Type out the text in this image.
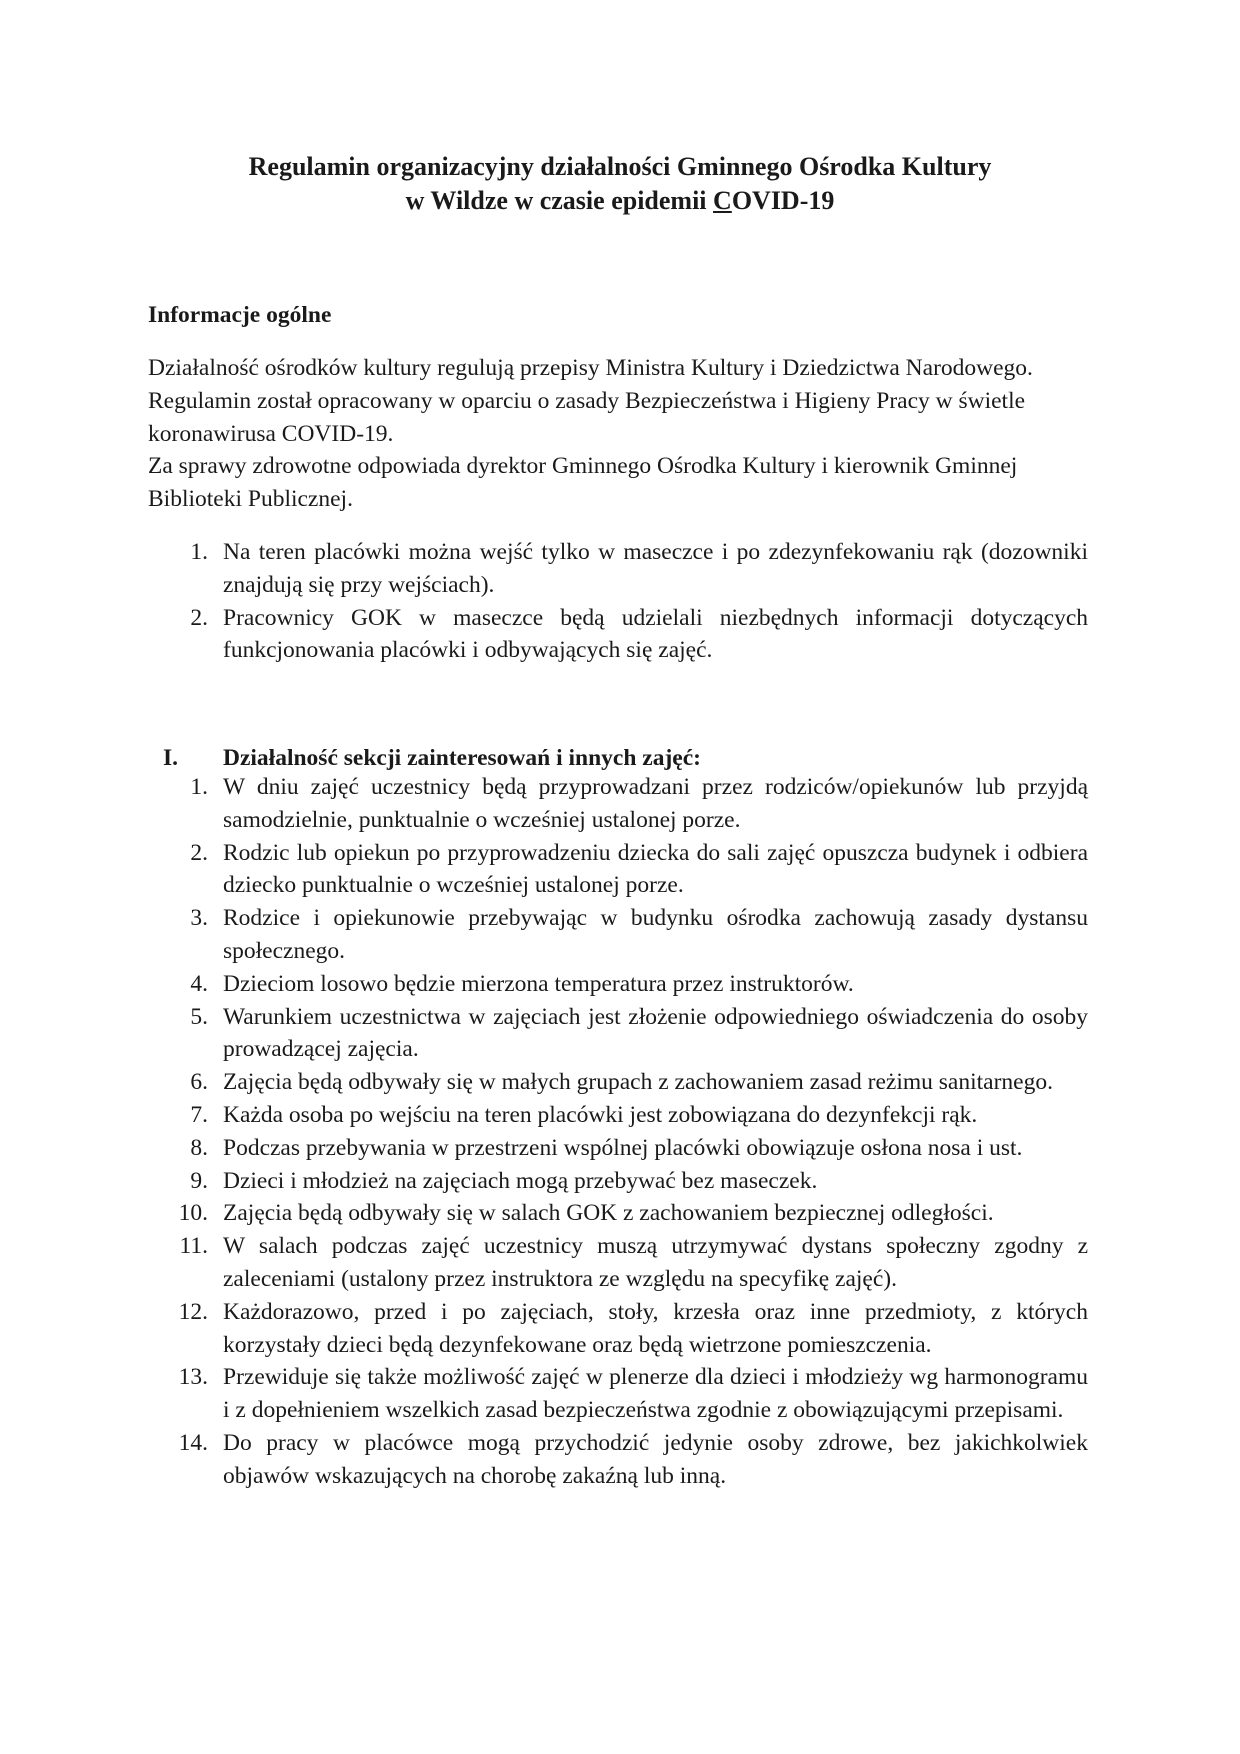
Regulamin organizacyjny działalności Gminnego Ośrodka Kultury
w Wildze w czasie epidemii COVID-19
Informacje ogólne

Działalność ośrodków kultury regulują przepisy Ministra Kultury i Dziedzictwa Narodowego.

Regulamin został opracowany w oparciu o zasady Bezpieczeństwa i Higieny Pracy w świetle

koronawirusa COVID-19.

Za sprawy zdrowotne odpowiada dyrektor Gminnego Ośrodka Kultury i kierownik Gminnej

Biblioteki Publicznej.

1. Na teren placówki można wejść tylko w maseczce i po zdezynfekowaniu rąk (dozowniki znajdują się przy wejściach).
2. Pracownicy GOK w maseczce będą udzielali niezbędnych informacji dotyczących funkcjonowania placówki i odbywających się zajęć.
I. Działalność sekcji zainteresowań i innych zajęć:
1. W dniu zajęć uczestnicy będą przyprowadzani przez rodziców/opiekunów lub przyjdą samodzielnie, punktualnie o wcześniej ustalonej porze.
2. Rodzic lub opiekun po przyprowadzeniu dziecka do sali zajęć opuszcza budynek i odbiera dziecko punktualnie o wcześniej ustalonej porze.
3. Rodzice i opiekunowie przebywając w budynku ośrodka zachowują zasady dystansu społecznego.
4. Dzieciom losowo będzie mierzona temperatura przez instruktorów.
5. Warunkiem uczestnictwa w zajęciach jest złożenie odpowiedniego oświadczenia do osoby prowadzącej zajęcia.
6. Zajęcia będą odbywały się w małych grupach z zachowaniem zasad reżimu sanitarnego.
7. Każda osoba po wejściu na teren placówki jest zobowiązana do dezynfekcji rąk.
8. Podczas przebywania w przestrzeni wspólnej placówki obowiązuje osłona nosa i ust.
9. Dzieci i młodzież na zajęciach mogą przebywać bez maseczek.
10. Zajęcia będą odbywały się w salach GOK z zachowaniem bezpiecznej odległości.
11. W salach podczas zajęć uczestnicy muszą utrzymywać dystans społeczny zgodny z zaleceniami (ustalony przez instruktora ze względu na specyfikę zajęć).
12. Każdorazowo, przed i po zajęciach, stoły, krzesła oraz inne przedmioty, z których korzystały dzieci będą dezynfekowane oraz będą wietrzone pomieszczenia.
13. Przewiduje się także możliwość zajęć w plenerze dla dzieci i młodzieży wg harmonogramu i z dopełnieniem wszelkich zasad bezpieczeństwa zgodnie z obowiązującymi przepisami.
14. Do pracy w placówce mogą przychodzić jedynie osoby zdrowe, bez jakichkolwiek objawów wskazujących na chorobę zakaźną lub inną.
